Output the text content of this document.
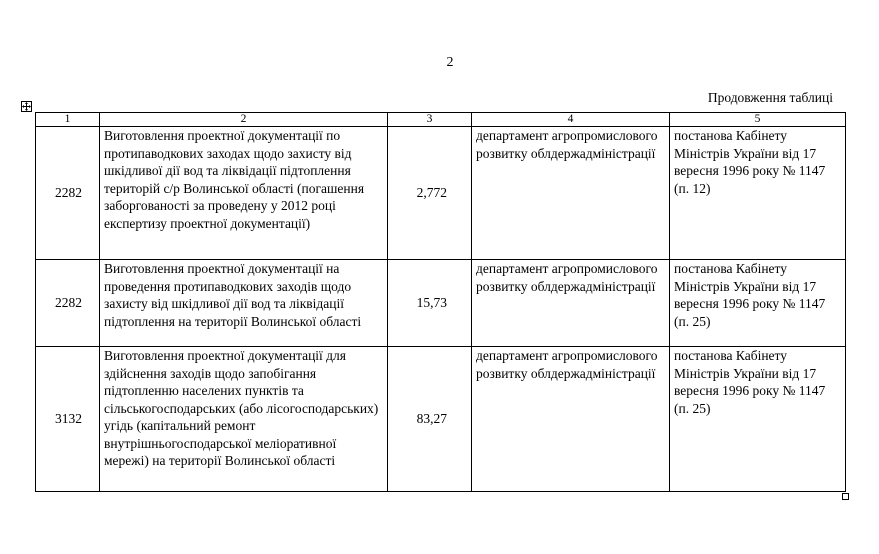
2
Продовження таблиці
1	2	3	4	5
2282	Виготовлення проектної документації по протипаводкових заходах щодо захисту від шкідливої дії вод та ліквідації підтоплення територій с/р Волинської області (погашення заборгованості за проведену у 2012 році експертизу проектної документації)	2,772	департамент агропромислового розвитку облдержадміністрації	постанова Кабінету Міністрів України від 17 вересня 1996 року № 1147 (п. 12)
2282	Виготовлення проектної документації на проведення протипаводкових заходів щодо захисту від шкідливої дії вод та ліквідації підтоплення на території Волинської області	15,73	департамент агропромислового розвитку облдержадміністрації	постанова Кабінету Міністрів України від 17 вересня 1996 року № 1147 (п. 25)
3132	Виготовлення проектної документації для здійснення заходів щодо запобігання підтопленню населених пунктів та сільськогосподарських (або лісогосподарських) угідь (капітальний ремонт внутрішньогосподарської меліоративної мережі) на території Волинської області	83,27	департамент агропромислового розвитку облдержадміністрації	постанова Кабінету Міністрів України від 17 вересня 1996 року № 1147 (п. 25)
